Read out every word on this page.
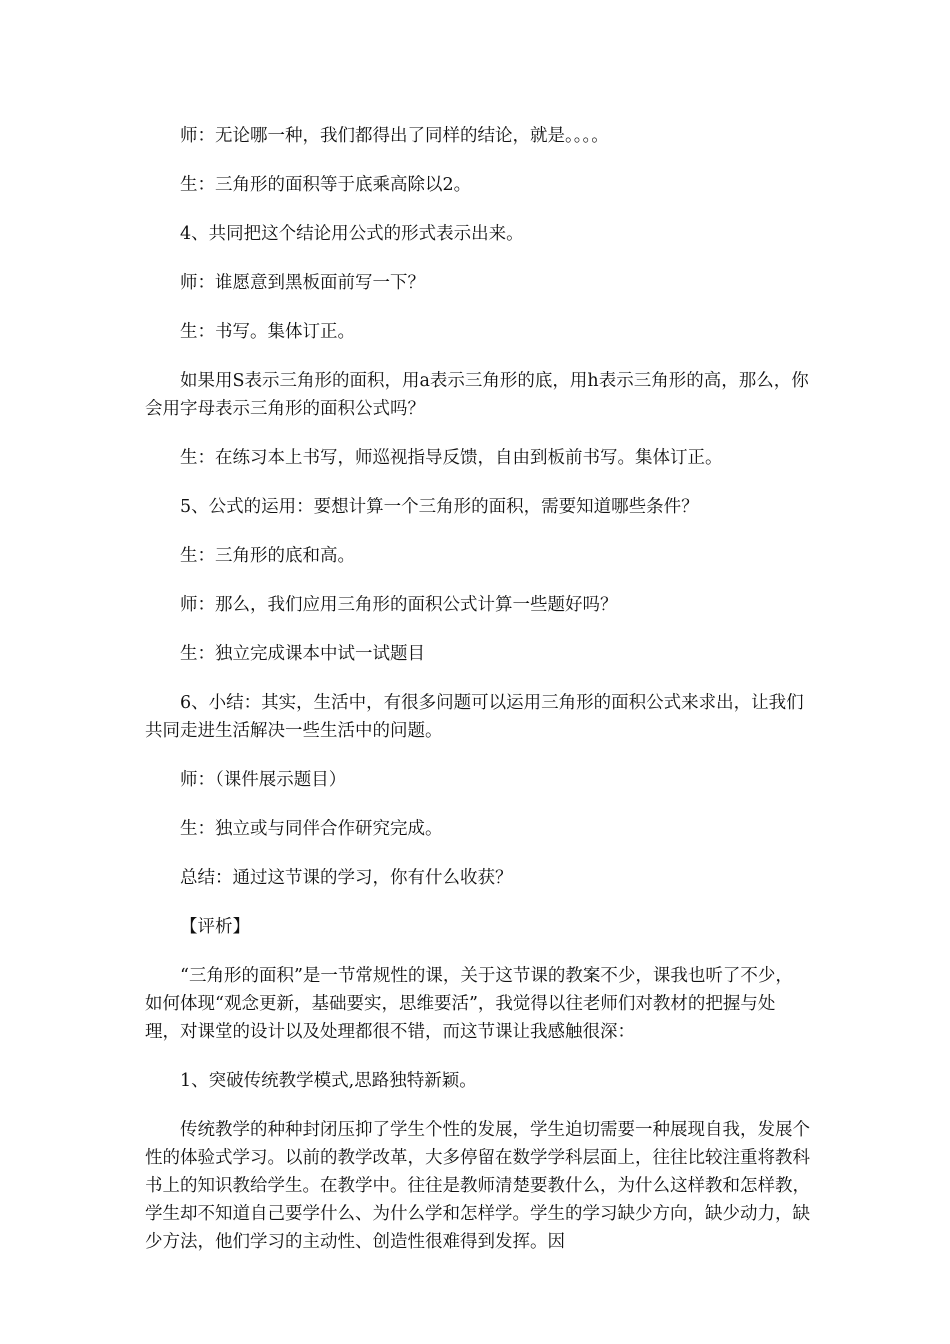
师：无论哪一种，我们都得出了同样的结论，就是。。。。

生：三角形的面积等于底乘高除以2。

4、共同把这个结论用公式的形式表示出来。

师：谁愿意到黑板面前写一下？

生：书写。集体订正。

如果用S表示三角形的面积，用a表示三角形的底，用h表示三角形的高，那么，你会用字母表示三角形的面积公式吗？

生：在练习本上书写，师巡视指导反馈，自由到板前书写。集体订正。

5、公式的运用：要想计算一个三角形的面积，需要知道哪些条件？

生：三角形的底和高。

师：那么，我们应用三角形的面积公式计算一些题好吗？

生：独立完成课本中试一试题目

6、小结：其实，生活中，有很多问题可以运用三角形的面积公式来求出，让我们共同走进生活解决一些生活中的问题。

师：（课件展示题目）

生：独立或与同伴合作研究完成。

总结：通过这节课的学习，你有什么收获？

【评析】

“三角形的面积”是一节常规性的课，关于这节课的教案不少，课我也听了不少，如何体现“观念更新，基础要实，思维要活”，我觉得以往老师们对教材的把握与处理，对课堂的设计以及处理都很不错，而这节课让我感触很深：

1、突破传统教学模式,思路独特新颖。

传统教学的种种封闭压抑了学生个性的发展，学生迫切需要一种展现自我，发展个性的体验式学习。以前的教学改革，大多停留在数学学科层面上，往往比较注重将教科书上的知识教给学生。在教学中。往往是教师清楚要教什么，为什么这样教和怎样教，学生却不知道自己要学什么、为什么学和怎样学。学生的学习缺少方向，缺少动力，缺少方法，他们学习的主动性、创造性很难得到发挥。因
